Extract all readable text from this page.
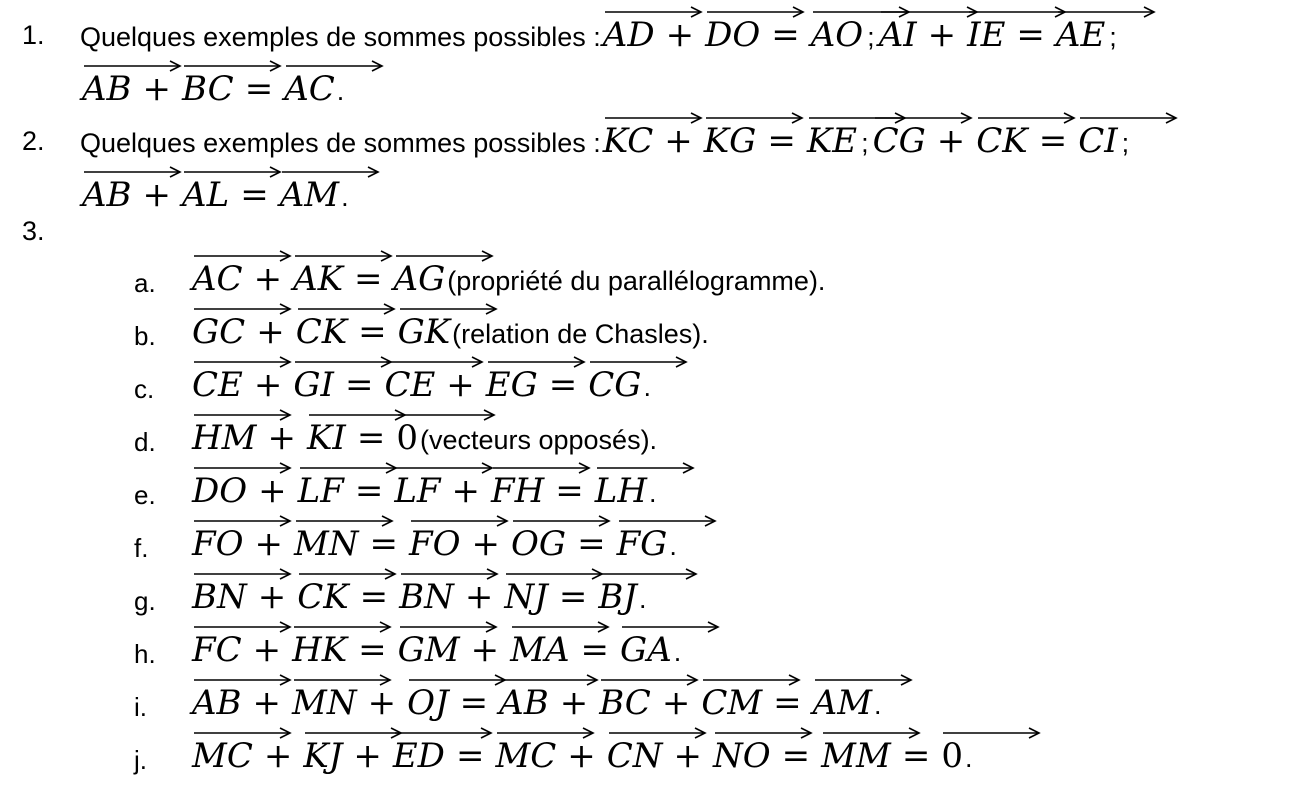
1. Quelques exemples de sommes possibles : AD + DO = AO ; AI + IE = AE ;
AB + BC = AC .
2. Quelques exemples de sommes possibles : KC + KG = KE ; CG + CK = CI ;
AB + AL = AM .
3.
a. AC + AK = AG (propriété du parallélogramme).
b. GC + CK = GK (relation de Chasles).
c. CE + GI = CE + EG = CG .
d. HM + KI = 0 (vecteurs opposés).
e. DO + LF = LF + FH = LH .
f. FO + MN = FO + OG = FG .
g. BN + CK = BN + NJ = BJ .
h. FC + HK = GM + MA = GA .
i. AB + MN + OJ = AB + BC + CM = AM .
j. MC + KJ + ED = MC + CN + NO = MM = 0 .
